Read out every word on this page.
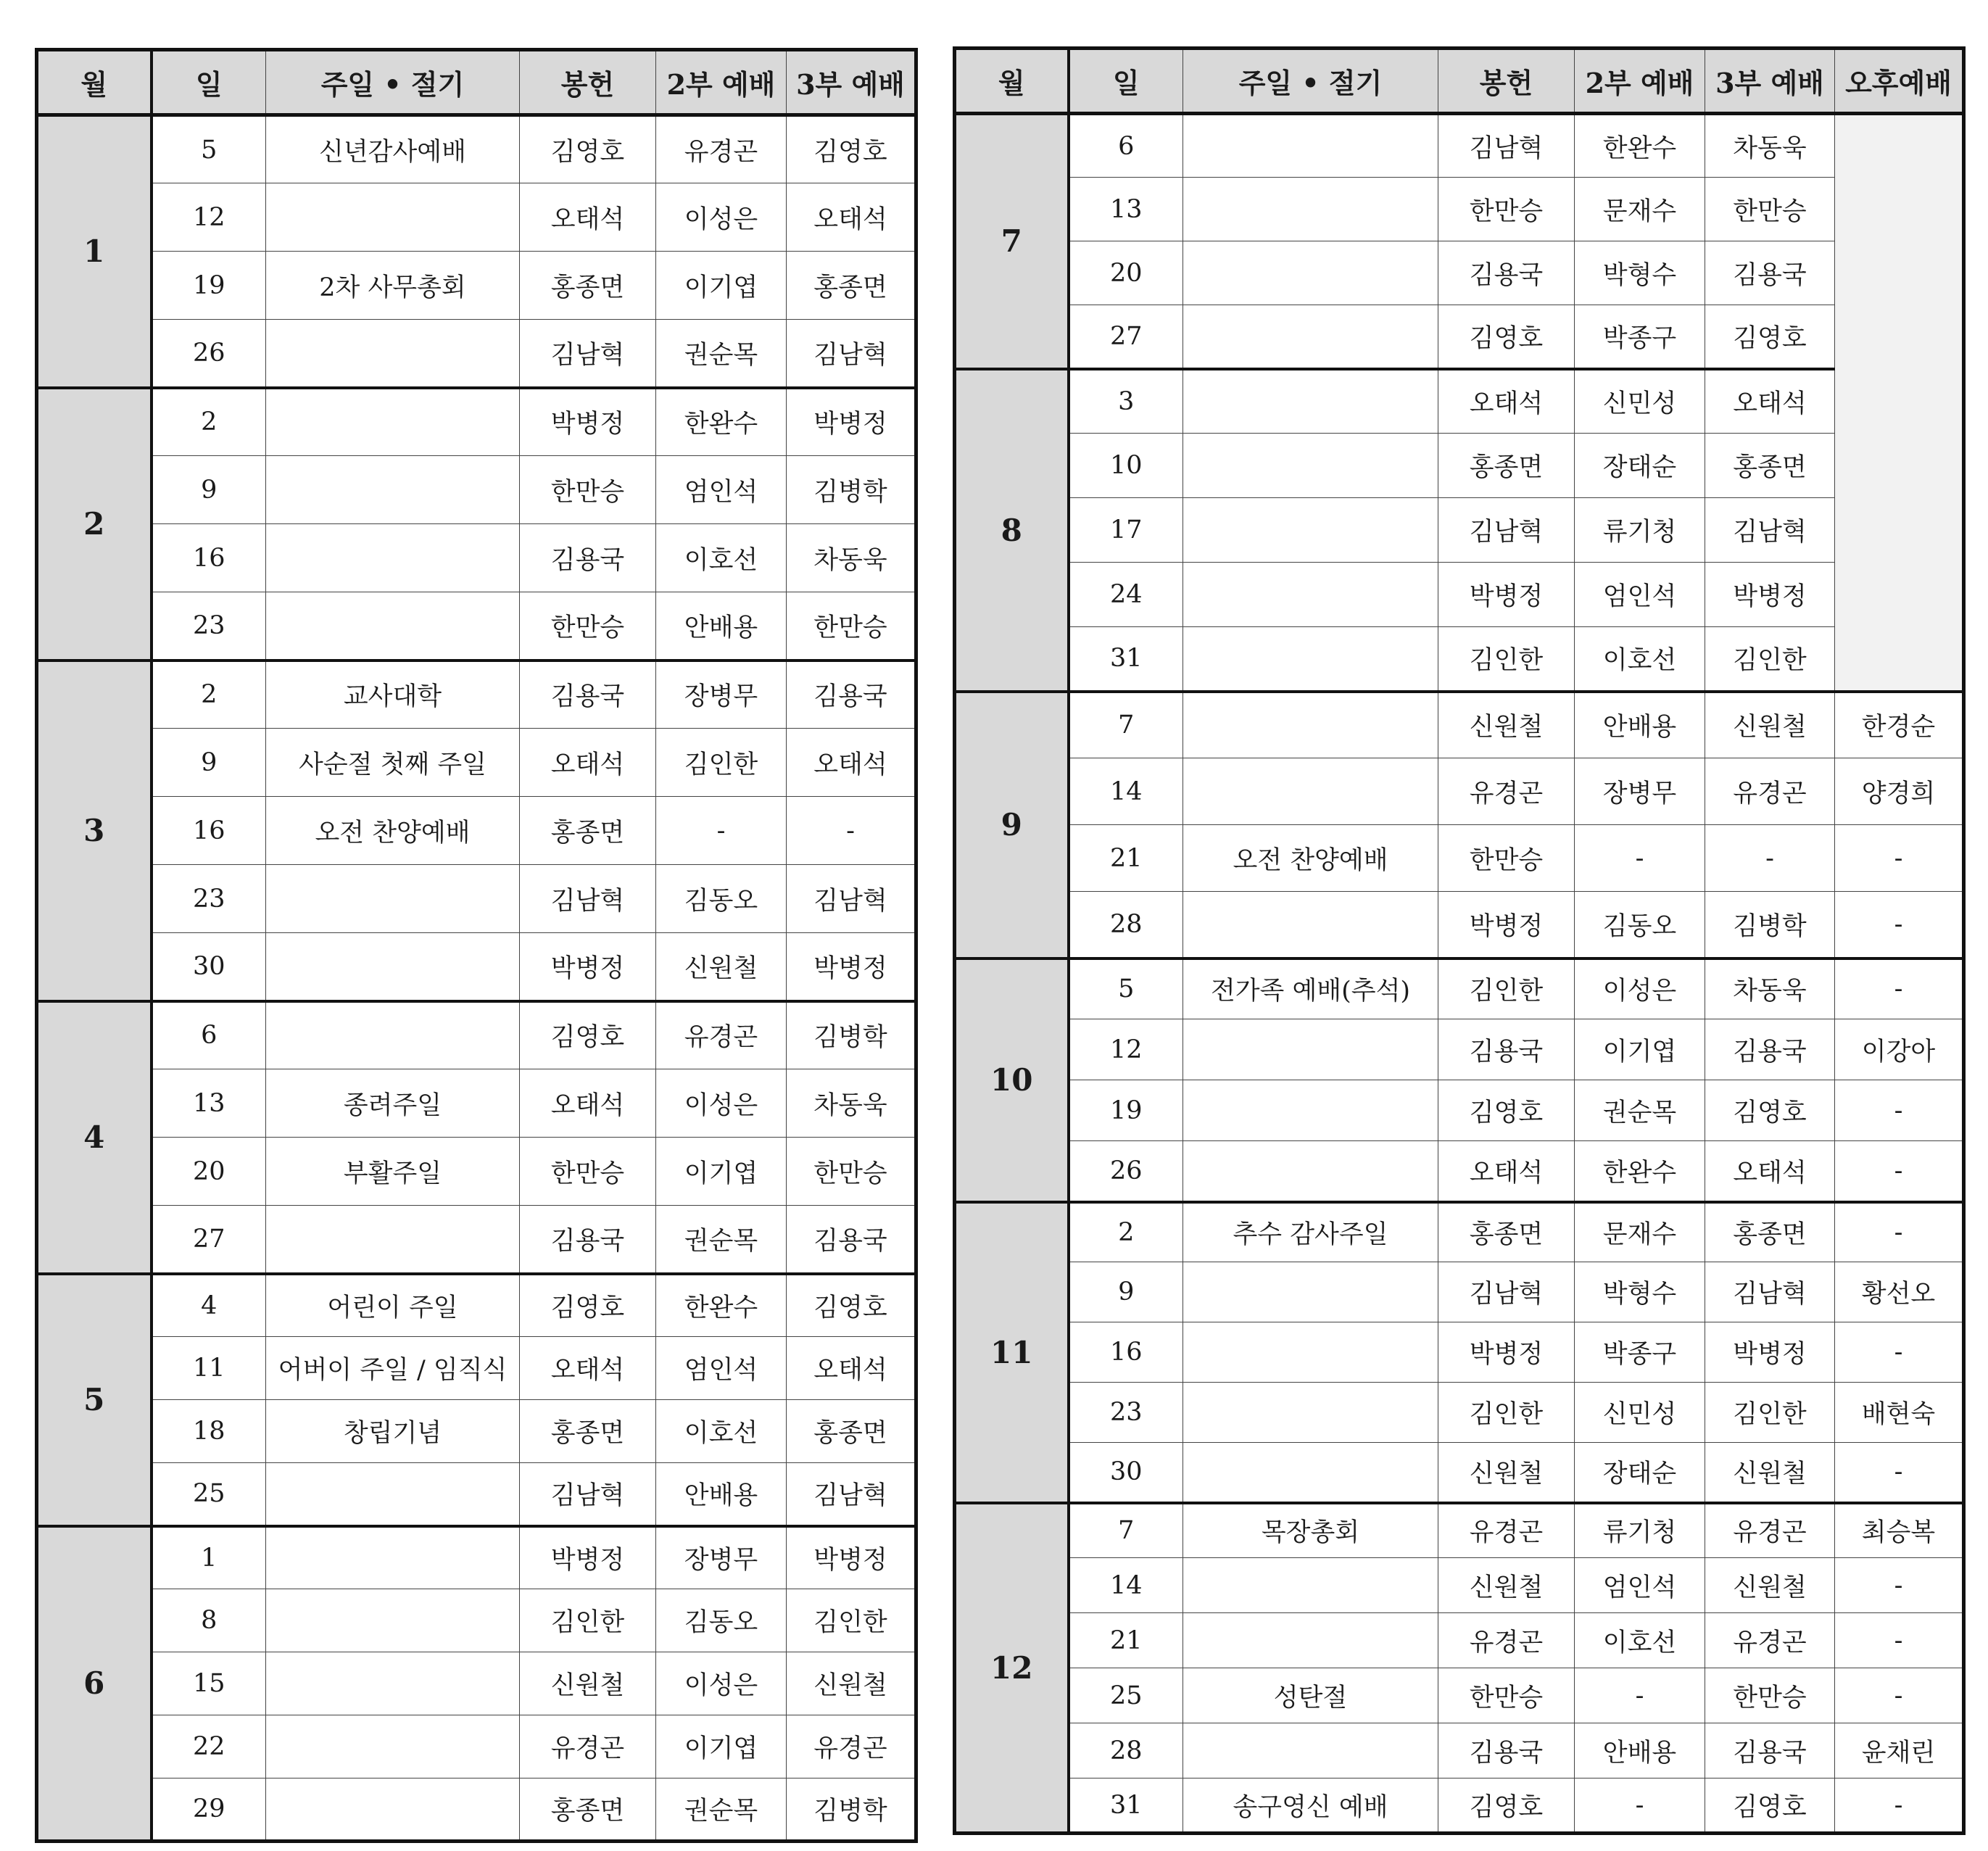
월	일	주일 • 절기	봉헌	2부 예배	3부 예배
1	5	신년감사예배	김영호	유경곤	김영호
	12		오태석	이성은	오태석
	19	2차 사무총회	홍종면	이기엽	홍종면
	26		김남혁	권순목	김남혁
2	2		박병정	한완수	박병정
	9		한만승	엄인석	김병학
	16		김용국	이호선	차동욱
	23		한만승	안배용	한만승
3	2	교사대학	김용국	장병무	김용국
	9	사순절 첫째 주일	오태석	김인한	오태석
	16	오전 찬양예배	홍종면	-	-
	23		김남혁	김동오	김남혁
	30		박병정	신원철	박병정
4	6		김영호	유경곤	김병학
	13	종려주일	오태석	이성은	차동욱
	20	부활주일	한만승	이기엽	한만승
	27		김용국	권순목	김용국
5	4	어린이 주일	김영호	한완수	김영호
	11	어버이 주일 / 임직식	오태석	엄인석	오태석
	18	창립기념	홍종면	이호선	홍종면
	25		김남혁	안배용	김남혁
6	1		박병정	장병무	박병정
	8		김인한	김동오	김인한
	15		신원철	이성은	신원철
	22		유경곤	이기엽	유경곤
	29		홍종면	권순목	김병학
월	일	주일 • 절기	봉헌	2부 예배	3부 예배	오후예배
7	6		김남혁	한완수	차동욱	
	13		한만승	문재수	한만승	
	20		김용국	박형수	김용국	
	27		김영호	박종구	김영호	
8	3		오태석	신민성	오태석	
	10		홍종면	장태순	홍종면	
	17		김남혁	류기청	김남혁	
	24		박병정	엄인석	박병정	
	31		김인한	이호선	김인한	
9	7		신원철	안배용	신원철	한경순
	14		유경곤	장병무	유경곤	양경희
	21	오전 찬양예배	한만승	-	-	-
	28		박병정	김동오	김병학	-
10	5	전가족 예배(추석)	김인한	이성은	차동욱	-
	12		김용국	이기엽	김용국	이강아
	19		김영호	권순목	김영호	-
	26		오태석	한완수	오태석	-
11	2	추수 감사주일	홍종면	문재수	홍종면	-
	9		김남혁	박형수	김남혁	황선오
	16		박병정	박종구	박병정	-
	23		김인한	신민성	김인한	배현숙
	30		신원철	장태순	신원철	-
12	7	목장총회	유경곤	류기청	유경곤	최승복
	14		신원철	엄인석	신원철	-
	21		유경곤	이호선	유경곤	-
	25	성탄절	한만승	-	한만승	-
	28		김용국	안배용	김용국	윤채린
	31	송구영신 예배	김영호	-	김영호	-
